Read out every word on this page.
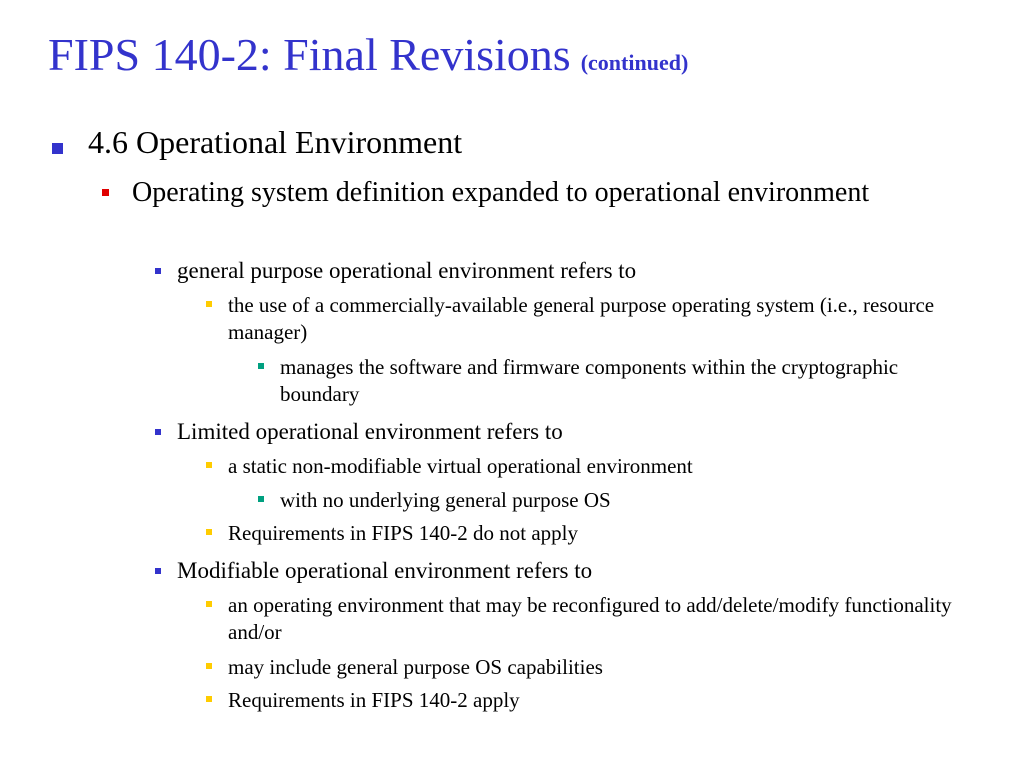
FIPS 140-2: Final Revisions (continued)
4.6 Operational Environment
Operating system definition expanded to operational environment
general purpose operational environment refers to
the use of a commercially-available general purpose operating system (i.e., resource manager)
manages the software and firmware components within the cryptographic boundary
Limited operational environment refers to
a static non-modifiable virtual operational environment
with no underlying general purpose OS
Requirements in FIPS 140-2 do not apply
Modifiable operational environment refers to
an operating environment that may be reconfigured to add/delete/modify functionality and/or
may include general purpose OS capabilities
Requirements in FIPS 140-2 apply
